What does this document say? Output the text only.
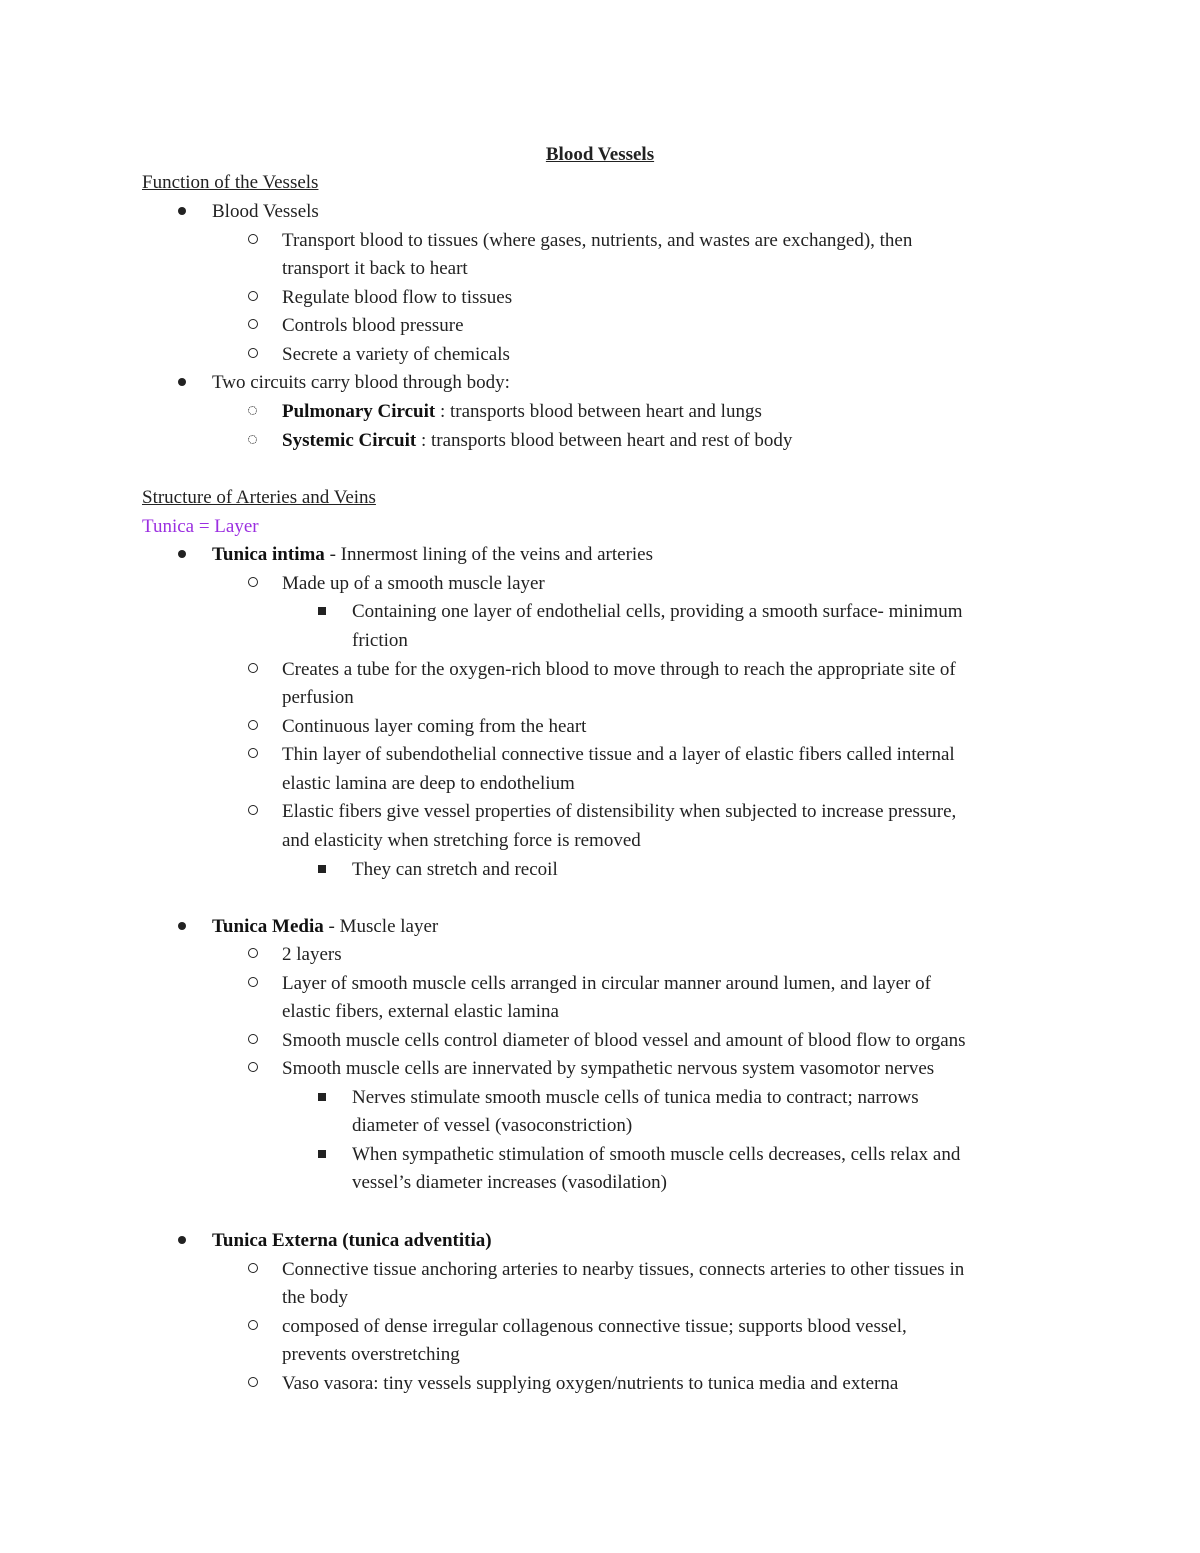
Blood Vessels
Function of the Vessels
Blood Vessels
Transport blood to tissues (where gases, nutrients, and wastes are exchanged), then
transport it back to heart
Regulate blood flow to tissues
Controls blood pressure
Secrete a variety of chemicals
Two circuits carry blood through body:
Pulmonary Circuit : transports blood between heart and lungs
Systemic Circuit : transports blood between heart and rest of body
Structure of Arteries and Veins
Tunica = Layer
Tunica intima - Innermost lining of the veins and arteries
Made up of a smooth muscle layer
Containing one layer of endothelial cells, providing a smooth surface- minimum
friction
Creates a tube for the oxygen-rich blood to move through to reach the appropriate site of
perfusion
Continuous layer coming from the heart
Thin layer of subendothelial connective tissue and a layer of elastic fibers called internal
elastic lamina are deep to endothelium
Elastic fibers give vessel properties of distensibility when subjected to increase pressure,
and elasticity when stretching force is removed
They can stretch and recoil
Tunica Media - Muscle layer
2 layers
Layer of smooth muscle cells arranged in circular manner around lumen, and layer of
elastic fibers, external elastic lamina
Smooth muscle cells control diameter of blood vessel and amount of blood flow to organs
Smooth muscle cells are innervated by sympathetic nervous system vasomotor nerves
Nerves stimulate smooth muscle cells of tunica media to contract; narrows
diameter of vessel (vasoconstriction)
When sympathetic stimulation of smooth muscle cells decreases, cells relax and
vessel’s diameter increases (vasodilation)
Tunica Externa (tunica adventitia)
Connective tissue anchoring arteries to nearby tissues, connects arteries to other tissues in
the body
composed of dense irregular collagenous connective tissue; supports blood vessel,
prevents overstretching
Vaso vasora: tiny vessels supplying oxygen/nutrients to tunica media and externa
